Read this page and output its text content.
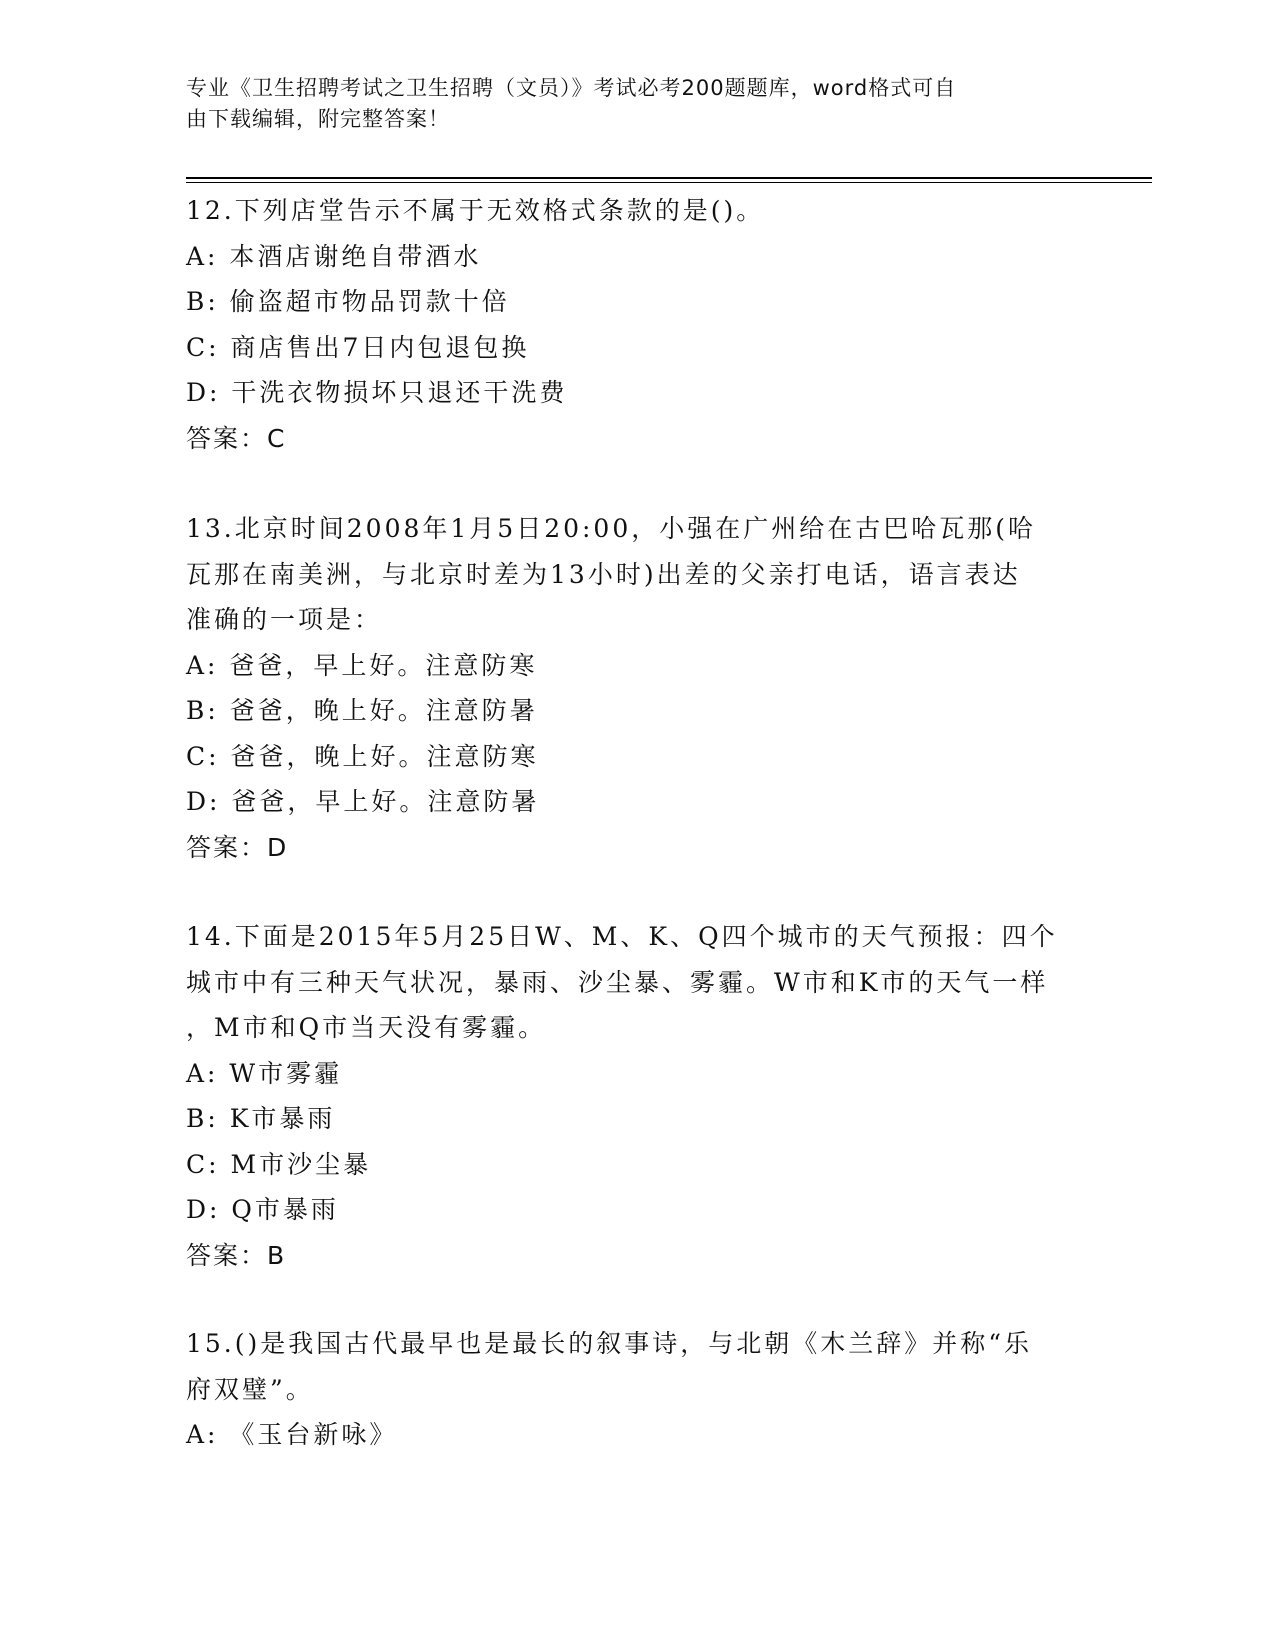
专业《卫生招聘考试之卫生招聘（文员）》考试必考200题题库，word格式可自
由下载编辑，附完整答案！
12.下列店堂告示不属于无效格式条款的是()。
A: 本酒店谢绝自带酒水
B: 偷盗超市物品罚款十倍
C: 商店售出7日内包退包换
D: 干洗衣物损坏只退还干洗费
答案：C
13.北京时间2008年1月5日20:00，小强在广州给在古巴哈瓦那(哈
瓦那在南美洲，与北京时差为13小时)出差的父亲打电话，语言表达
准确的一项是：
A: 爸爸，早上好。注意防寒
B: 爸爸，晚上好。注意防暑
C: 爸爸，晚上好。注意防寒
D: 爸爸，早上好。注意防暑
答案：D
14.下面是2015年5月25日W、M、K、Q四个城市的天气预报：四个
城市中有三种天气状况，暴雨、沙尘暴、雾霾。W市和K市的天气一样
，M市和Q市当天没有雾霾。
A: W市雾霾
B: K市暴雨
C: M市沙尘暴
D: Q市暴雨
答案：B
15.()是我国古代最早也是最长的叙事诗，与北朝《木兰辞》并称“乐
府双璧”。
A: 《玉台新咏》
